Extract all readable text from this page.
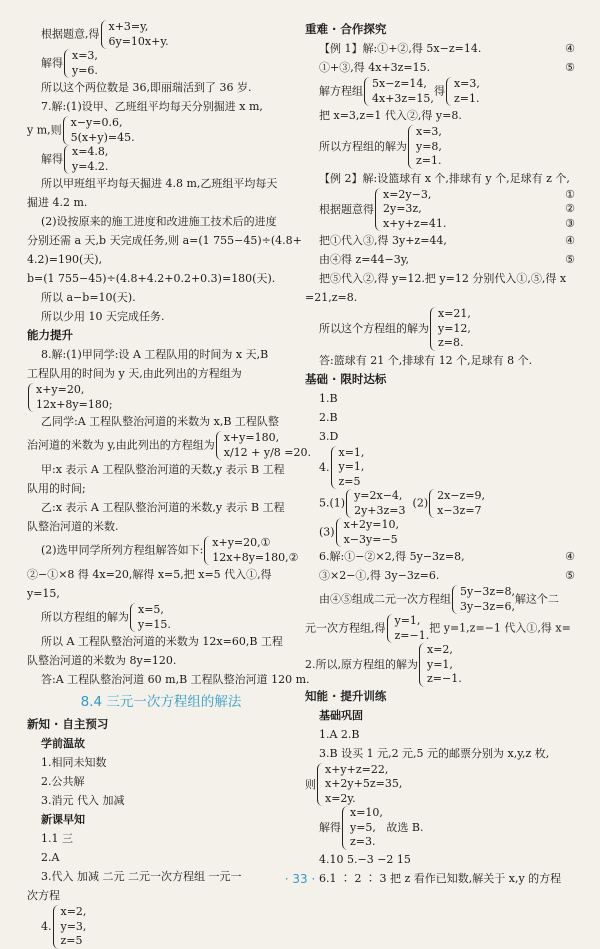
根据题意,得
x+3=y,
6y=10x+y.
解得
x=3,
y=6.
所以这个两位数是 36,即丽瑞活到了 36 岁.
7.解:(1)设甲、乙班组平均每天分别掘进 x m,
y m,则
x−y=0.6,
5(x+y)=45.
解得
x=4.8,
y=4.2.
所以甲班组平均每天掘进 4.8 m,乙班组平均每天
掘进 4.2 m.
(2)设按原来的施工进度和改进施工技术后的进度
分别还需 a 天,b 天完成任务,则 a=(1 755−45)÷(4.8+
4.2)=190(天),
b=(1 755−45)÷(4.8+4.2+0.2+0.3)=180(天).
所以 a−b=10(天).
所以少用 10 天完成任务.
能力提升
8.解:(1)甲同学:设 A 工程队用的时间为 x 天,B
工程队用的时间为 y 天,由此列出的方程组为
x+y=20,
12x+8y=180;
乙同学:A 工程队整治河道的米数为 x,B 工程队整
治河道的米数为 y,由此列出的方程组为
x+y=180,
x/12 + y/8 =20.
甲:x 表示 A 工程队整治河道的天数,y 表示 B 工程
队用的时间;
乙:x 表示 A 工程队整治河道的米数,y 表示 B 工程
队整治河道的米数.
(2)选甲同学所列方程组解答如下:
x+y=20,①
12x+8y=180,②
②−①×8 得 4x=20,解得 x=5,把 x=5 代入①,得
y=15,
所以方程组的解为
x=5,
y=15.
所以 A 工程队整治河道的米数为 12x=60,B 工程
队整治河道的米数为 8y=120.
答:A 工程队整治河道 60 m,B 工程队整治河道 120 m.
8.4 三元一次方程组的解法
新知 · 自主预习
学前温故
1.相同未知数
2.公共解
3.消元 代入 加减
新课早知
1.1 三
2.A
3.代入 加减 二元 二元一次方程组 一元一
次方程
4.
x=2,
y=3,
z=5
重难 · 合作探究
【例 1】解:①+②,得 5x−z=14.	④
①+③,得 4x+3z=15.	⑤
解方程组
5x−z=14,
4x+3z=15,
得
x=3,
z=1.
把 x=3,z=1 代入②,得 y=8.
所以方程组的解为
x=3,
y=8,
z=1.
【例 2】解:设篮球有 x 个,排球有 y 个,足球有 z 个,
根据题意得
x=2y−3,
2y=3z,
x+y+z=41.
①
②
③
把①代入③,得 3y+z=44,	④
由④得 z=44−3y,	⑤
把⑤代入②,得 y=12.把 y=12 分别代入①,⑤,得 x
=21,z=8.
所以这个方程组的解为
x=21,
y=12,
z=8.
答:篮球有 21 个,排球有 12 个,足球有 8 个.
基础 · 限时达标
1.B
2.B
3.D
4.
x=1,
y=1,
z=5
5.(1)
y=2x−4,
2y+3z=3
(2)
2x−z=9,
x−3z=7
(3)
x+2y=10,
x−3y=−5
6.解:①−②×2,得 5y−3z=8,	④
③×2−①,得 3y−3z=6.	⑤
由④⑤组成二元一次方程组
5y−3z=8,
3y−3z=6,
解这个二
元一次方程组,得
y=1,
z=−1.
把 y=1,z=−1 代入①,得 x=
2.所以,原方程组的解为
x=2,
y=1,
z=−1.
知能 · 提升训练
基础巩固
1.A 2.B
3.B 设买 1 元,2 元,5 元的邮票分别为 x,y,z 枚,
则
x+y+z=22,
x+2y+5z=35,
x=2y.
解得
x=10,
y=5,
z=3.
故选 B.
4.10 5.−3 −2 15
6.1 ∶ 2 ∶ 3 把 z 看作已知数,解关于 x,y 的方程
· 33 ·
